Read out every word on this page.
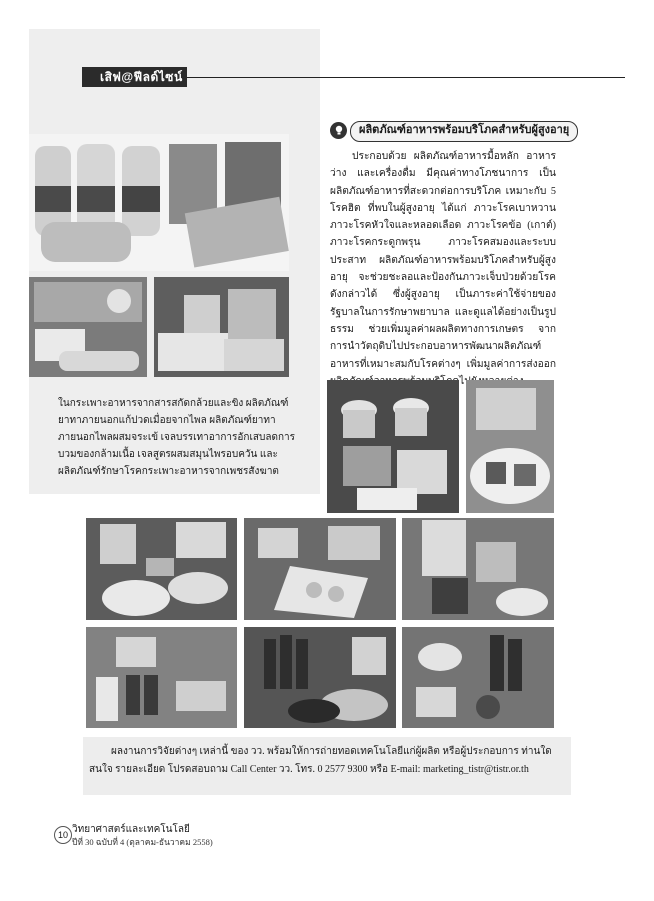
เสิฟ@ฟีลด์ไซน์
ผลิตภัณฑ์อาหารพร้อมบริโภคสำหรับผู้สูงอายุ
ประกอบด้วย ผลิตภัณฑ์อาหารมื้อหลัก อาหารว่าง และเครื่องดื่ม มีคุณค่าทางโภชนาการ เป็นผลิตภัณฑ์อาหารที่สะดวกต่อการบริโภค เหมาะกับ 5 โรคฮิต ที่พบในผู้สูงอายุ ได้แก่ ภาวะโรคเบาหวาน ภาวะโรคหัวใจและหลอดเลือด ภาวะโรคข้อ (เกาต์) ภาวะโรคกระดูกพรุน ภาวะโรคสมองและระบบประสาท ผลิตภัณฑ์อาหารพร้อมบริโภคสำหรับผู้สูงอายุ จะช่วยชะลอและป้องกันภาวะเจ็บป่วยด้วยโรคดังกล่าวได้ ซึ่งผู้สูงอายุ เป็นภาระค่าใช้จ่ายของรัฐบาลในการรักษาพยาบาล และดูแลได้อย่างเป็นรูปธรรม ช่วยเพิ่มมูลค่าผลผลิตทางการเกษตร จากการนำวัตถุดิบไปประกอบอาหารพัฒนาผลิตภัณฑ์อาหารที่เหมาะสมกับโรคต่างๆ เพิ่มมูลค่าการส่งออก โภคไปยังห
ในกระเพาะอาหารจากสารสกัดกล้วยและขิง ผลิตภัณฑ์ยาทาภายนอกแก้ปวดเมื่อยจากไพล ผลิตภัณฑ์ยาทาภายนอกไพลผสมจระเข้ เจลบรรเทาอาการอักเสบลดการบวมของกล้ามเนื้อ เจลสูตรผสมสมุนไพรอบควัน และผลิตภัณฑ์รักษาโรคกระเพาะอาหารจากเพชรสังฆาต
ผลงานการวิจัยต่างๆ เหล่านี้ ของ วว. พร้อมให้การถ่ายทอดเทคโนโลยีแก่ผู้ผลิต หรือผู้ประกอบการ ท่านใดสนใจ รายละเอียด โปรดสอบถาม Call Center วว. โทร. 0 2577 9300 หรือ E-mail: marketing_tistr@tistr.or.th
10 วิทยาศาสตร์และเทคโนโลยี
ปีที่ 30 ฉบับที่ 4 (ตุลาคม-ธันวาคม 2558)
